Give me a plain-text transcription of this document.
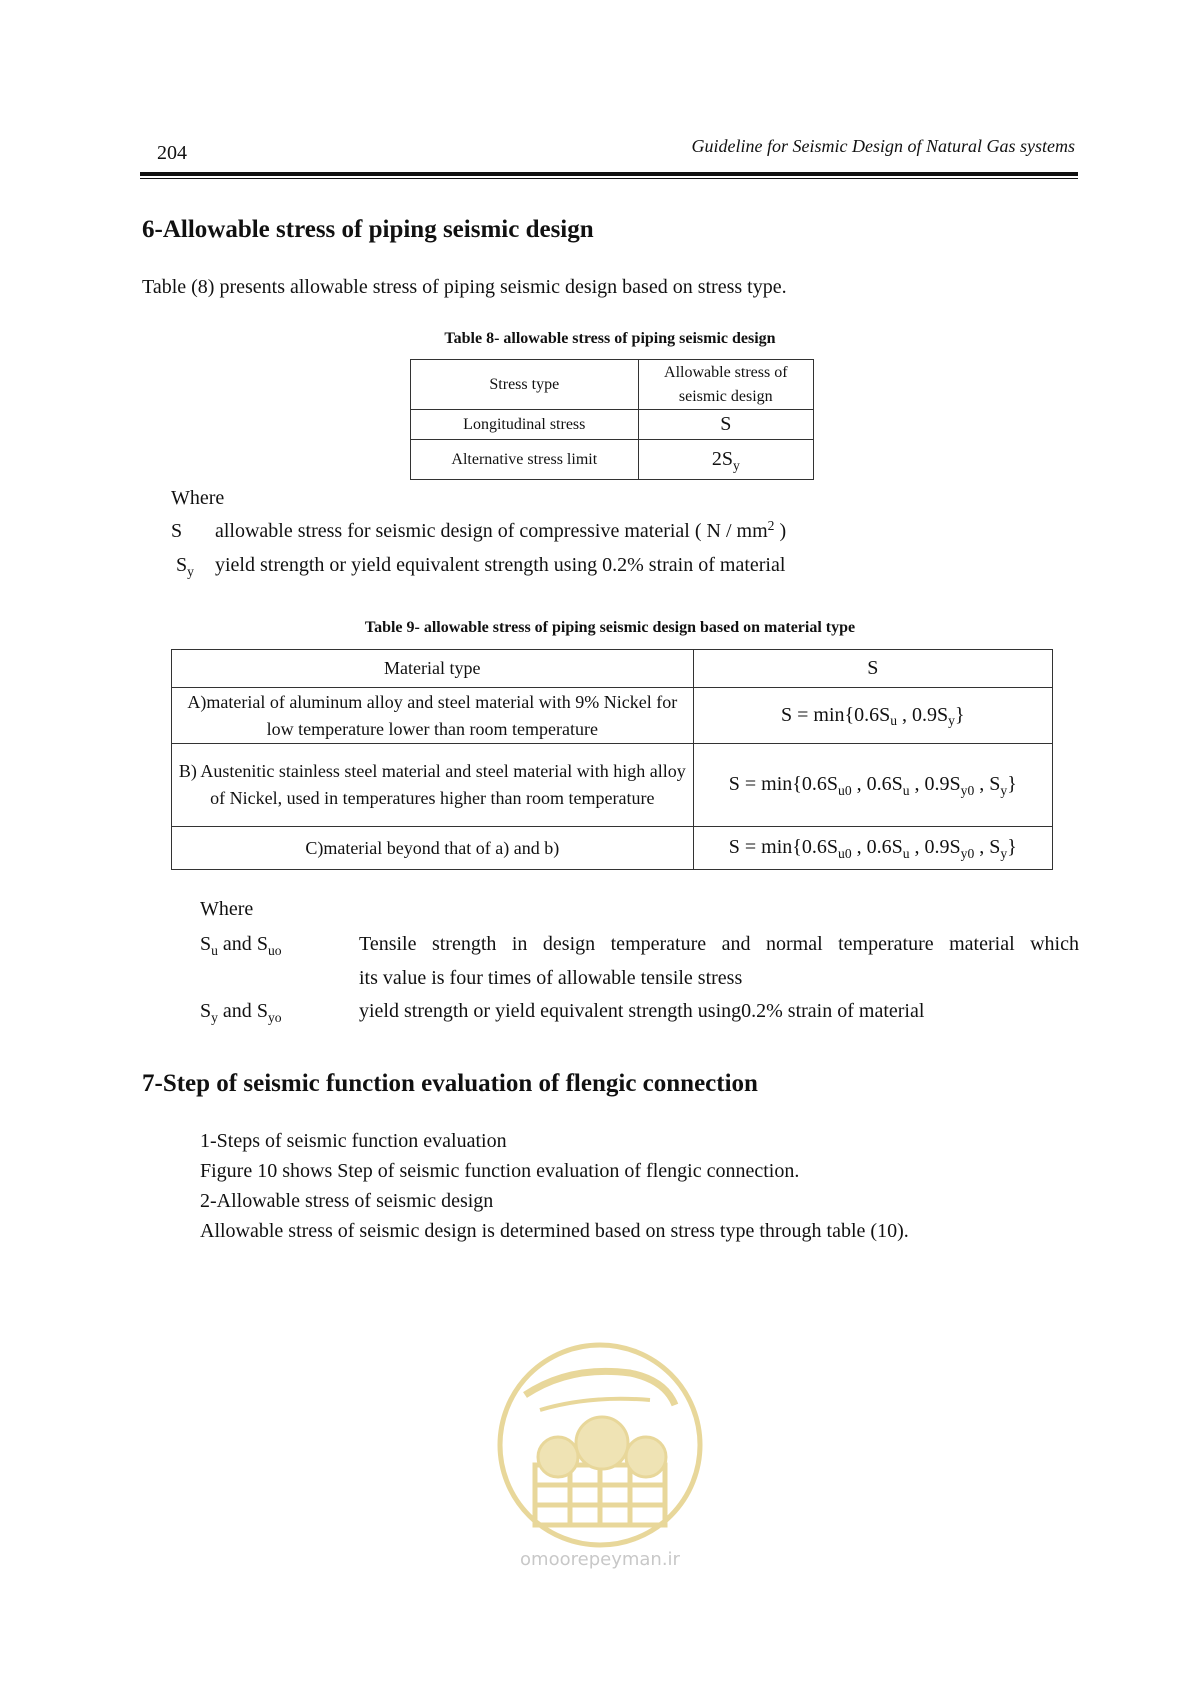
204	Guideline for Seismic Design of Natural Gas systems
6-Allowable stress of piping seismic design
Table (8) presents allowable stress of piping seismic design based on stress type.
Table 8- allowable stress of piping seismic design
Stress type	Allowable stress of seismic design
Longitudinal stress	S
Alternative stress limit	$2S_y$
Where
S	allowable stress for seismic design of compressive material ( N / $mm^2$ )
$S_y$	yield strength or yield equivalent strength using 0.2% strain of material
Table 9- allowable stress of piping seismic design based on material type
Material type	S
A)material of aluminum alloy and steel material with 9% Nickel for low temperature lower than room temperature	$S = \min\{0.6S_u$ , $0.9S_y$}
B) Austenitic stainless steel material and steel material with high alloy of Nickel, used in temperatures higher than room temperature	$S = \min\{0.6S_{u0}$ , $0.6S_u$ , $0.9S_{y0}$ , $S_y$}
C)material beyond that of a) and b)	$S = \min\{0.6S_{u0}$ , $0.6S_u$ , $0.9S_{y0}$ , $S_y$}
Where
$S_u$ and $S_{uo}$	Tensile strength in design temperature and normal temperature material which
its value is four times of allowable tensile stress
$S_y$ and $S_{yo}$	yield strength or yield equivalent strength using0.2% strain of material
7-Step of seismic function evaluation of flengic connection
1-Steps of seismic function evaluation
Figure 10 shows Step of seismic function evaluation of flengic connection.
2-Allowable stress of seismic design
Allowable stress of seismic design is determined based on stress type through table (10).
omoorepeyman.ir
